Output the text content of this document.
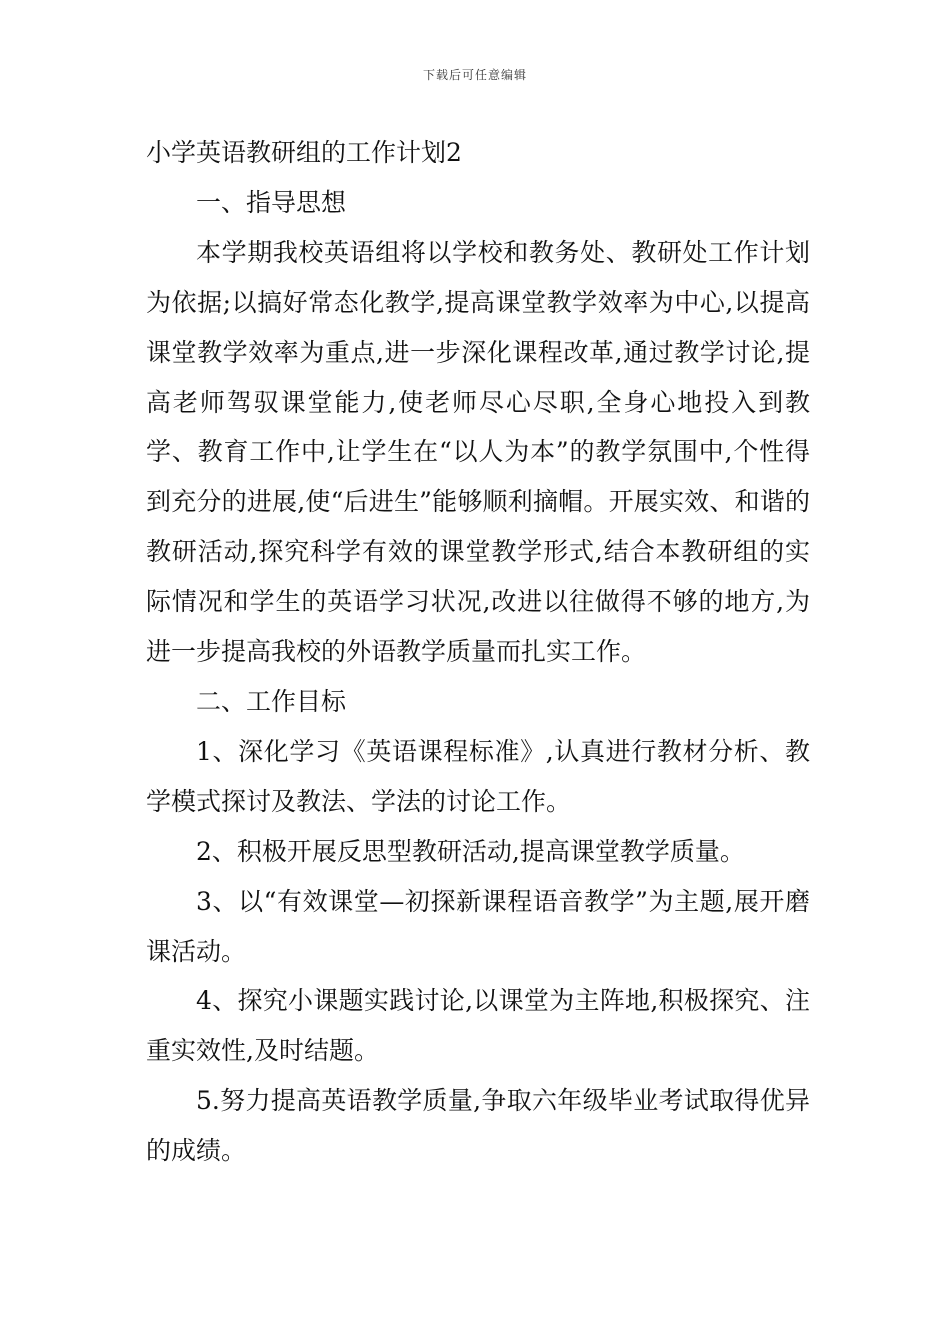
下载后可任意编辑
小学英语教研组的工作计划2

一、指导思想

本学期我校英语组将以学校和教务处、教研处工作计划为依据;以搞好常态化教学,提高课堂教学效率为中心,以提高课堂教学效率为重点,进一步深化课程改革,通过教学讨论,提高老师驾驭课堂能力,使老师尽心尽职,全身心地投入到教学、教育工作中,让学生在“以人为本”的教学氛围中,个性得到充分的进展,使“后进生”能够顺利摘帽。开展实效、和谐的教研活动,探究科学有效的课堂教学形式,结合本教研组的实际情况和学生的英语学习状况,改进以往做得不够的地方,为进一步提高我校的外语教学质量而扎实工作。

二、工作目标

1、深化学习《英语课程标准》,认真进行教材分析、教学模式探讨及教法、学法的讨论工作。

2、积极开展反思型教研活动,提高课堂教学质量。

3、以“有效课堂—初探新课程语音教学”为主题,展开磨课活动。

4、探究小课题实践讨论,以课堂为主阵地,积极探究、注重实效性,及时结题。

5.努力提高英语教学质量,争取六年级毕业考试取得优异的成绩。
